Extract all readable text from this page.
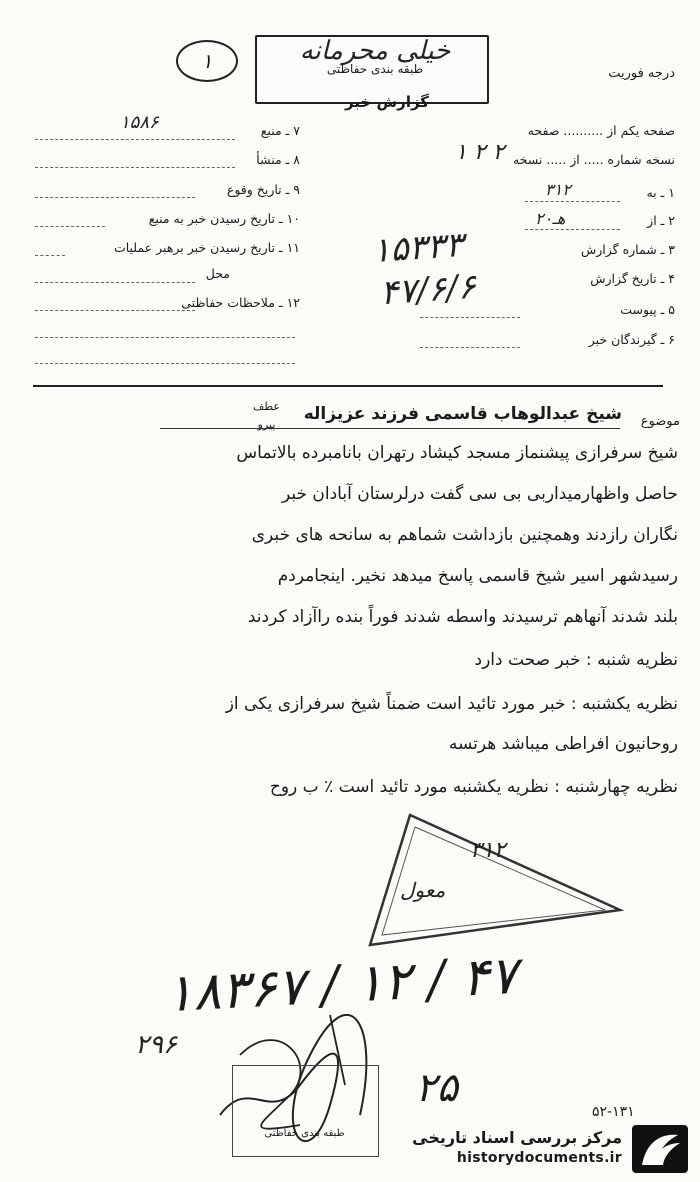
خیلی محرمانه
طبقه بندی حفاظتی
گزارش خبر
۱
درجه فوریت
صفحه یکم از .......... صفحه
نسخه شماره ..... از ..... نسخه
۱ ۲ ۲
۱ ـ به
۳۱۲
۲ ـ از
۲۰هـ
۳ ـ شماره گزارش
۴ ـ تاریخ گزارش
۵ ـ پیوست
۶ ـ گیرندگان خبر
۱۵۳۳۳
۴۷/۶/۶
۷ ـ منبع
۱۵۸۶
۸ ـ منشأ
۹ ـ تاریخ وقوع
۱۰ ـ تاریخ رسیدن خبر به منبع
۱۱ ـ تاریخ رسیدن خبر برهبر عملیات
محل
۱۲ ـ ملاحظات حفاظتی
موضوع
شیخ عبدالوهاب قاسمی فرزند عزیزاله
عطف
پیرو
شیخ سرفرازی پیشنماز مسجد کیشاد رتهران بانامبرده بالاتماس
حاصل واظهارمیداربی بی سی گفت درلرستان آبادان خبر
نگاران رازدند وهمچنین بازداشت شماهم به سانحه های خبری
رسیدشهر اسیر شیخ قاسمی پاسخ میدهد نخیر. اینجامردم
بلند شدند آنهاهم ترسیدند واسطه شدند فوراً بنده راآزاد کردند
نظریه شنبه : خبر صحت دارد
نظریه یکشنبه : خبر مورد تائید است ضمناً شیخ سرفرازی یکی از
روحانیون افراطی میباشد هرتسه
نظریه چهارشنبه : نظریه یکشنبه مورد تائید است ٪ ب روح
۳۱۲
معول
۱۸۳۶۷ / ۱۲ / ۴۷
۲۹۶
۲۵
طبقه بندی حفاظتی
۵۲-۱۳۱
مرکز بررسی اسناد تاریخی
historydocuments.ir
